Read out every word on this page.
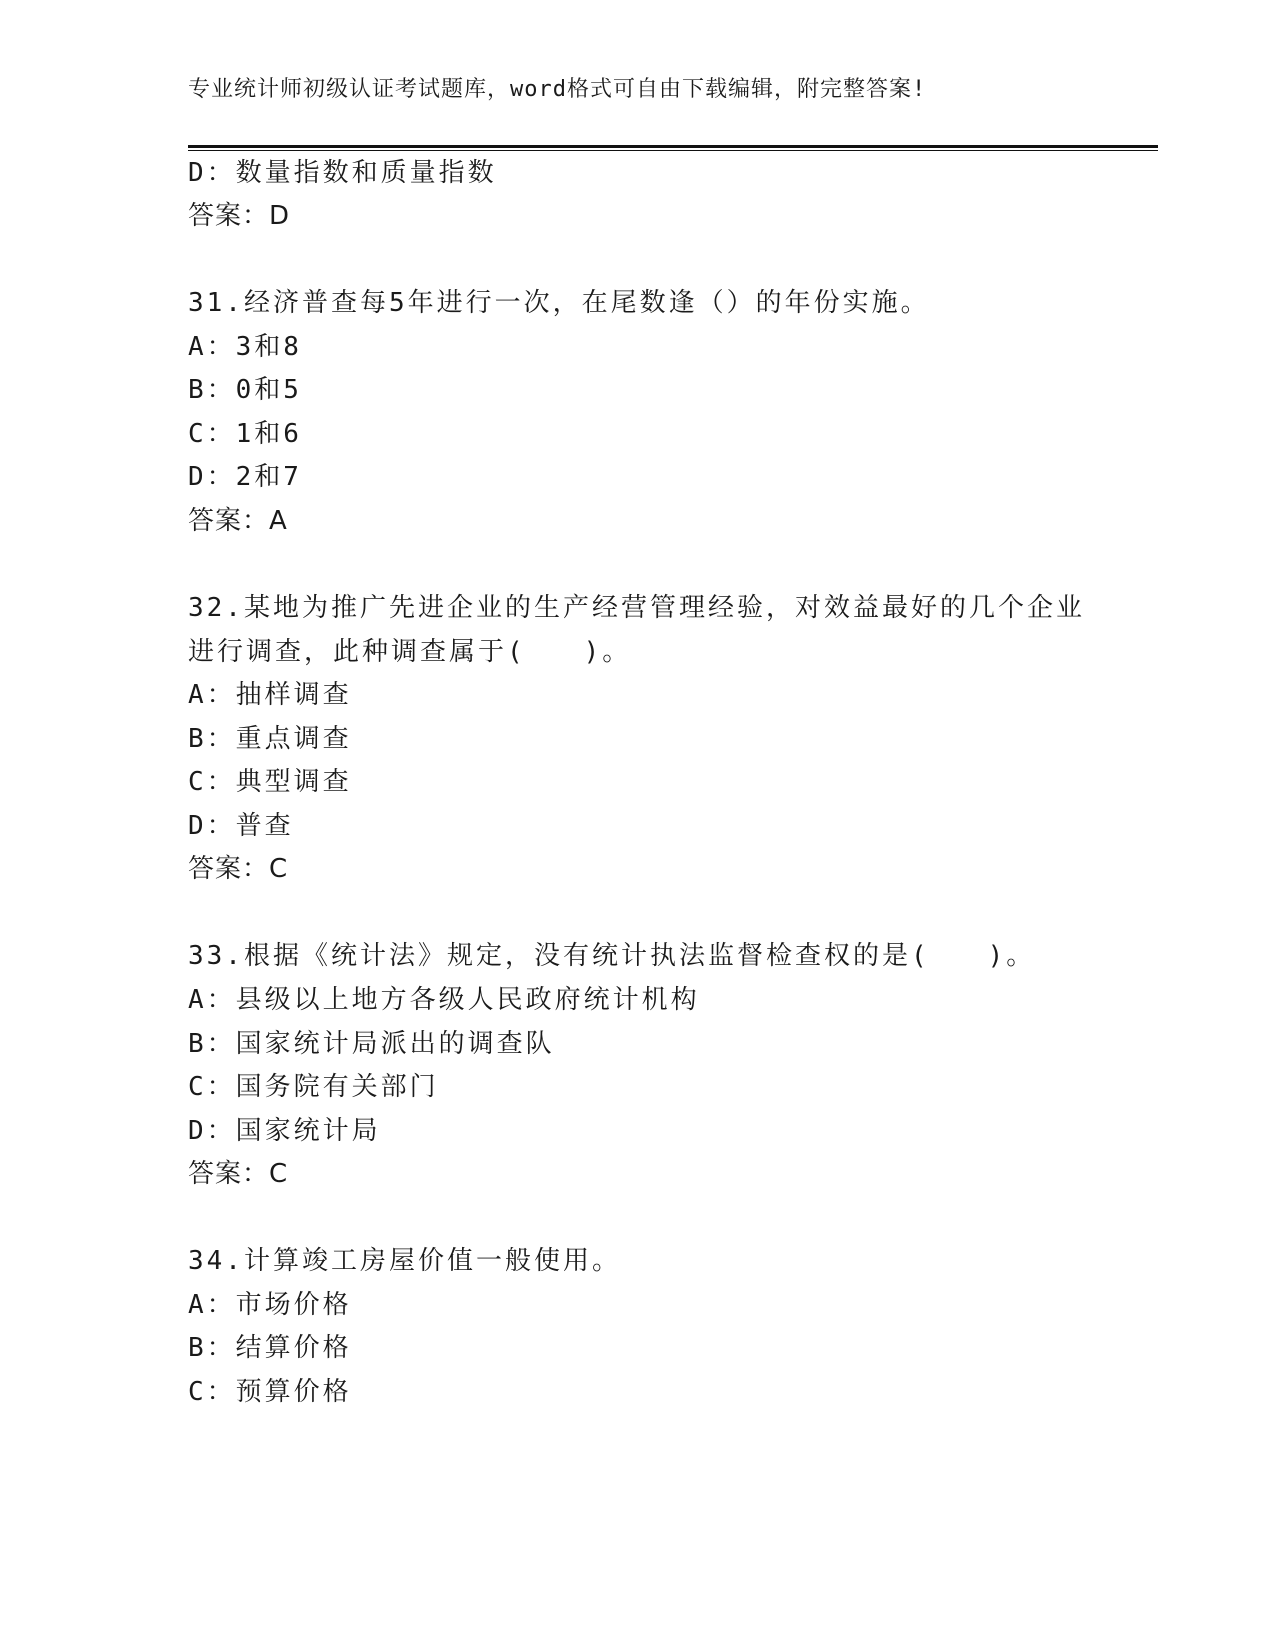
专业统计师初级认证考试题库，word格式可自由下载编辑，附完整答案!
D：数量指数和质量指数
答案：D
31.经济普查每5年进行一次，在尾数逢（）的年份实施。
A：3和8
B：0和5
C：1和6
D：2和7
答案：A
32.某地为推广先进企业的生产经营管理经验，对效益最好的几个企业
进行调查，此种调查属于(　　)。
A：抽样调查
B：重点调查
C：典型调查
D：普查
答案：C
33.根据《统计法》规定，没有统计执法监督检查权的是(　　)。
A：县级以上地方各级人民政府统计机构
B：国家统计局派出的调查队
C：国务院有关部门
D：国家统计局
答案：C
34.计算竣工房屋价值一般使用。
A：市场价格
B：结算价格
C：预算价格
